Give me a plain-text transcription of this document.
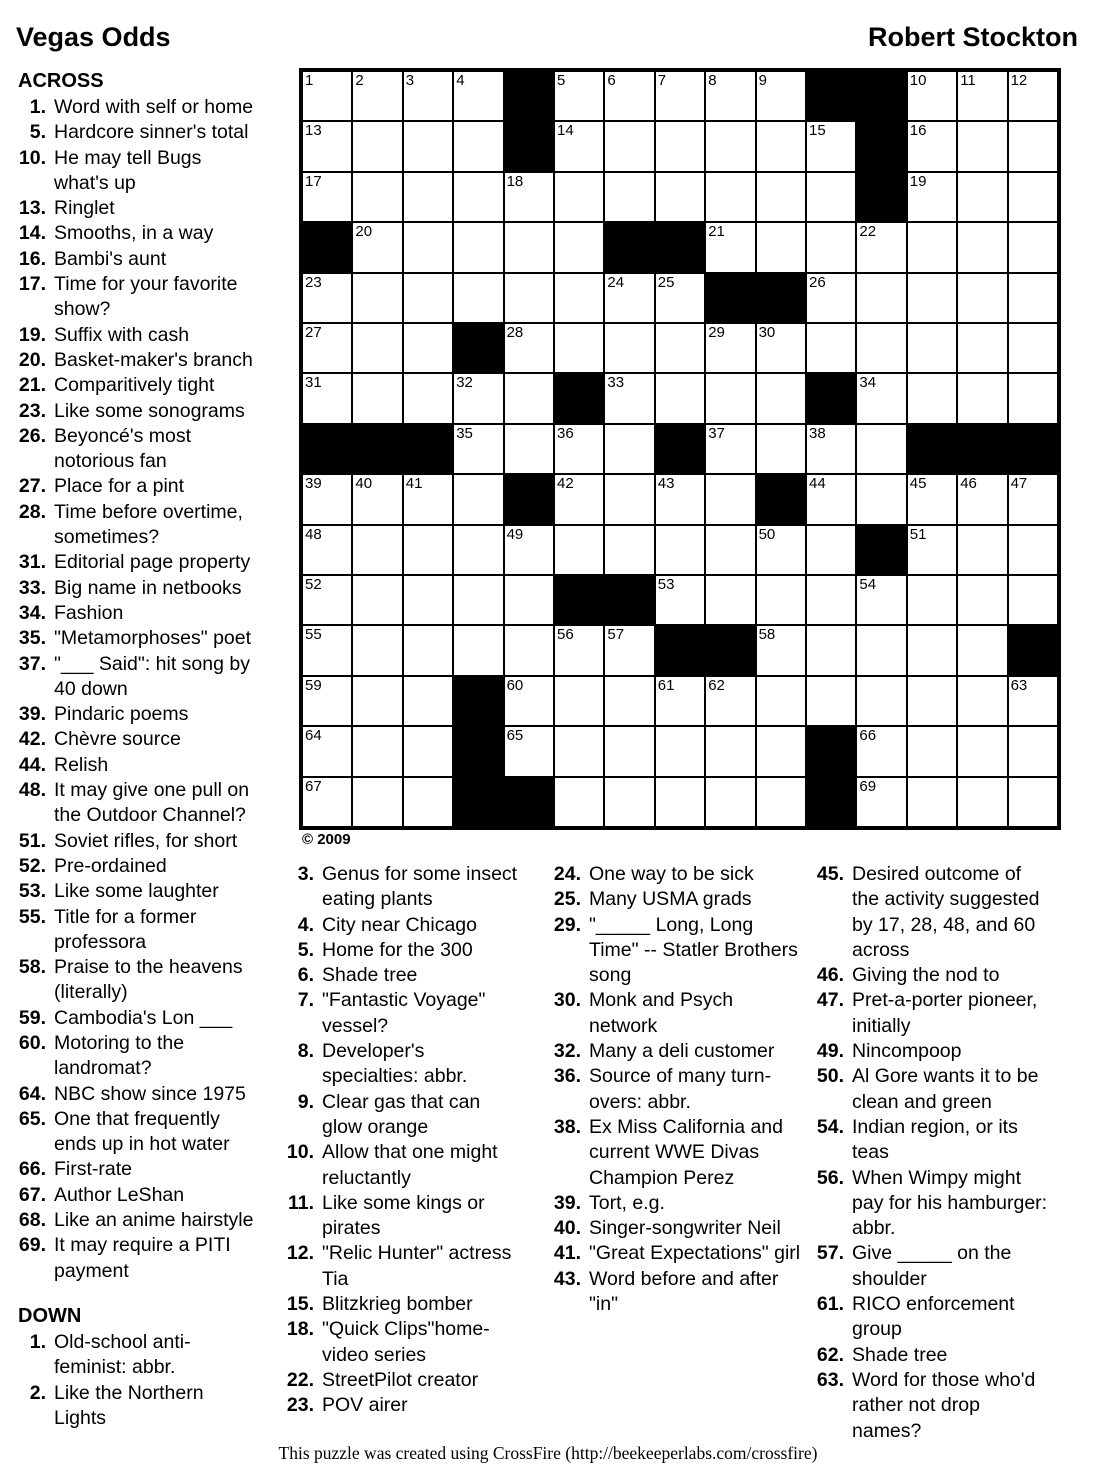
Vegas Odds	Robert Stockton
ACROSS
1. Word with self or home
5. Hardcore sinner's total
10. He may tell Bugs what's up
13. Ringlet
14. Smooths, in a way
16. Bambi's aunt
17. Time for your favorite show?
19. Suffix with cash
20. Basket-maker's branch
21. Comparitively tight
23. Like some sonograms
26. Beyoncé's most notorious fan
27. Place for a pint
28. Time before overtime, sometimes?
31. Editorial page property
33. Big name in netbooks
34. Fashion
35. "Metamorphoses" poet
37. "___ Said": hit song by 40 down
39. Pindaric poems
42. Chèvre source
44. Relish
48. It may give one pull on the Outdoor Channel?
51. Soviet rifles, for short
52. Pre-ordained
53. Like some laughter
55. Title for a former professora
58. Praise to the heavens (literally)
59. Cambodia's Lon ___
60. Motoring to the landromat?
64. NBC show since 1975
65. One that frequently ends up in hot water
66. First-rate
67. Author LeShan
68. Like an anime hairstyle
69. It may require a PITI payment
DOWN
1. Old-school anti-feminist: abbr.
2. Like the Northern Lights
1	2	3	4	5	6	7	8	9	10 11 12
13	14	15	16
17	18	19
20	21	22
23	24 25	26
27	28	29 30
31	32	33	34
35	36	37	38
39 40 41	42	43	44	45 46 47
48	49	50	51
52	53	54
55	56 57	58
59	60	61 62	63
64	65	66
67	68	69
© 2009
3. Genus for some insect eating plants
4. City near Chicago
5. Home for the 300
6. Shade tree
7. "Fantastic Voyage" vessel?
8. Developer's specialties: abbr.
9. Clear gas that can glow orange
10. Allow that one might reluctantly
11. Like some kings or pirates
12. "Relic Hunter" actress Tia
15. Blitzkrieg bomber
18. "Quick Clips"home-video series
22. StreetPilot creator
23. POV airer
24. One way to be sick
25. Many USMA grads
29. "_____ Long, Long Time" -- Statler Brothers song
30. Monk and Psych network
32. Many a deli customer
36. Source of many turn-overs: abbr.
38. Ex Miss California and current WWE Divas Champion Perez
39. Tort, e.g.
40. Singer-songwriter Neil
41. "Great Expectations" girl
43. Word before and after "in"
45. Desired outcome of the activity suggested by 17, 28, 48, and 60 across
46. Giving the nod to
47. Pret-a-porter pioneer, initially
49. Nincompoop
50. Al Gore wants it to be clean and green
54. Indian region, or its teas
56. When Wimpy might pay for his hamburger: abbr.
57. Give _____ on the shoulder
61. RICO enforcement group
62. Shade tree
63. Word for those who'd rather not drop names?
This puzzle was created using CrossFire (http://beekeeperlabs.com/crossfire)
